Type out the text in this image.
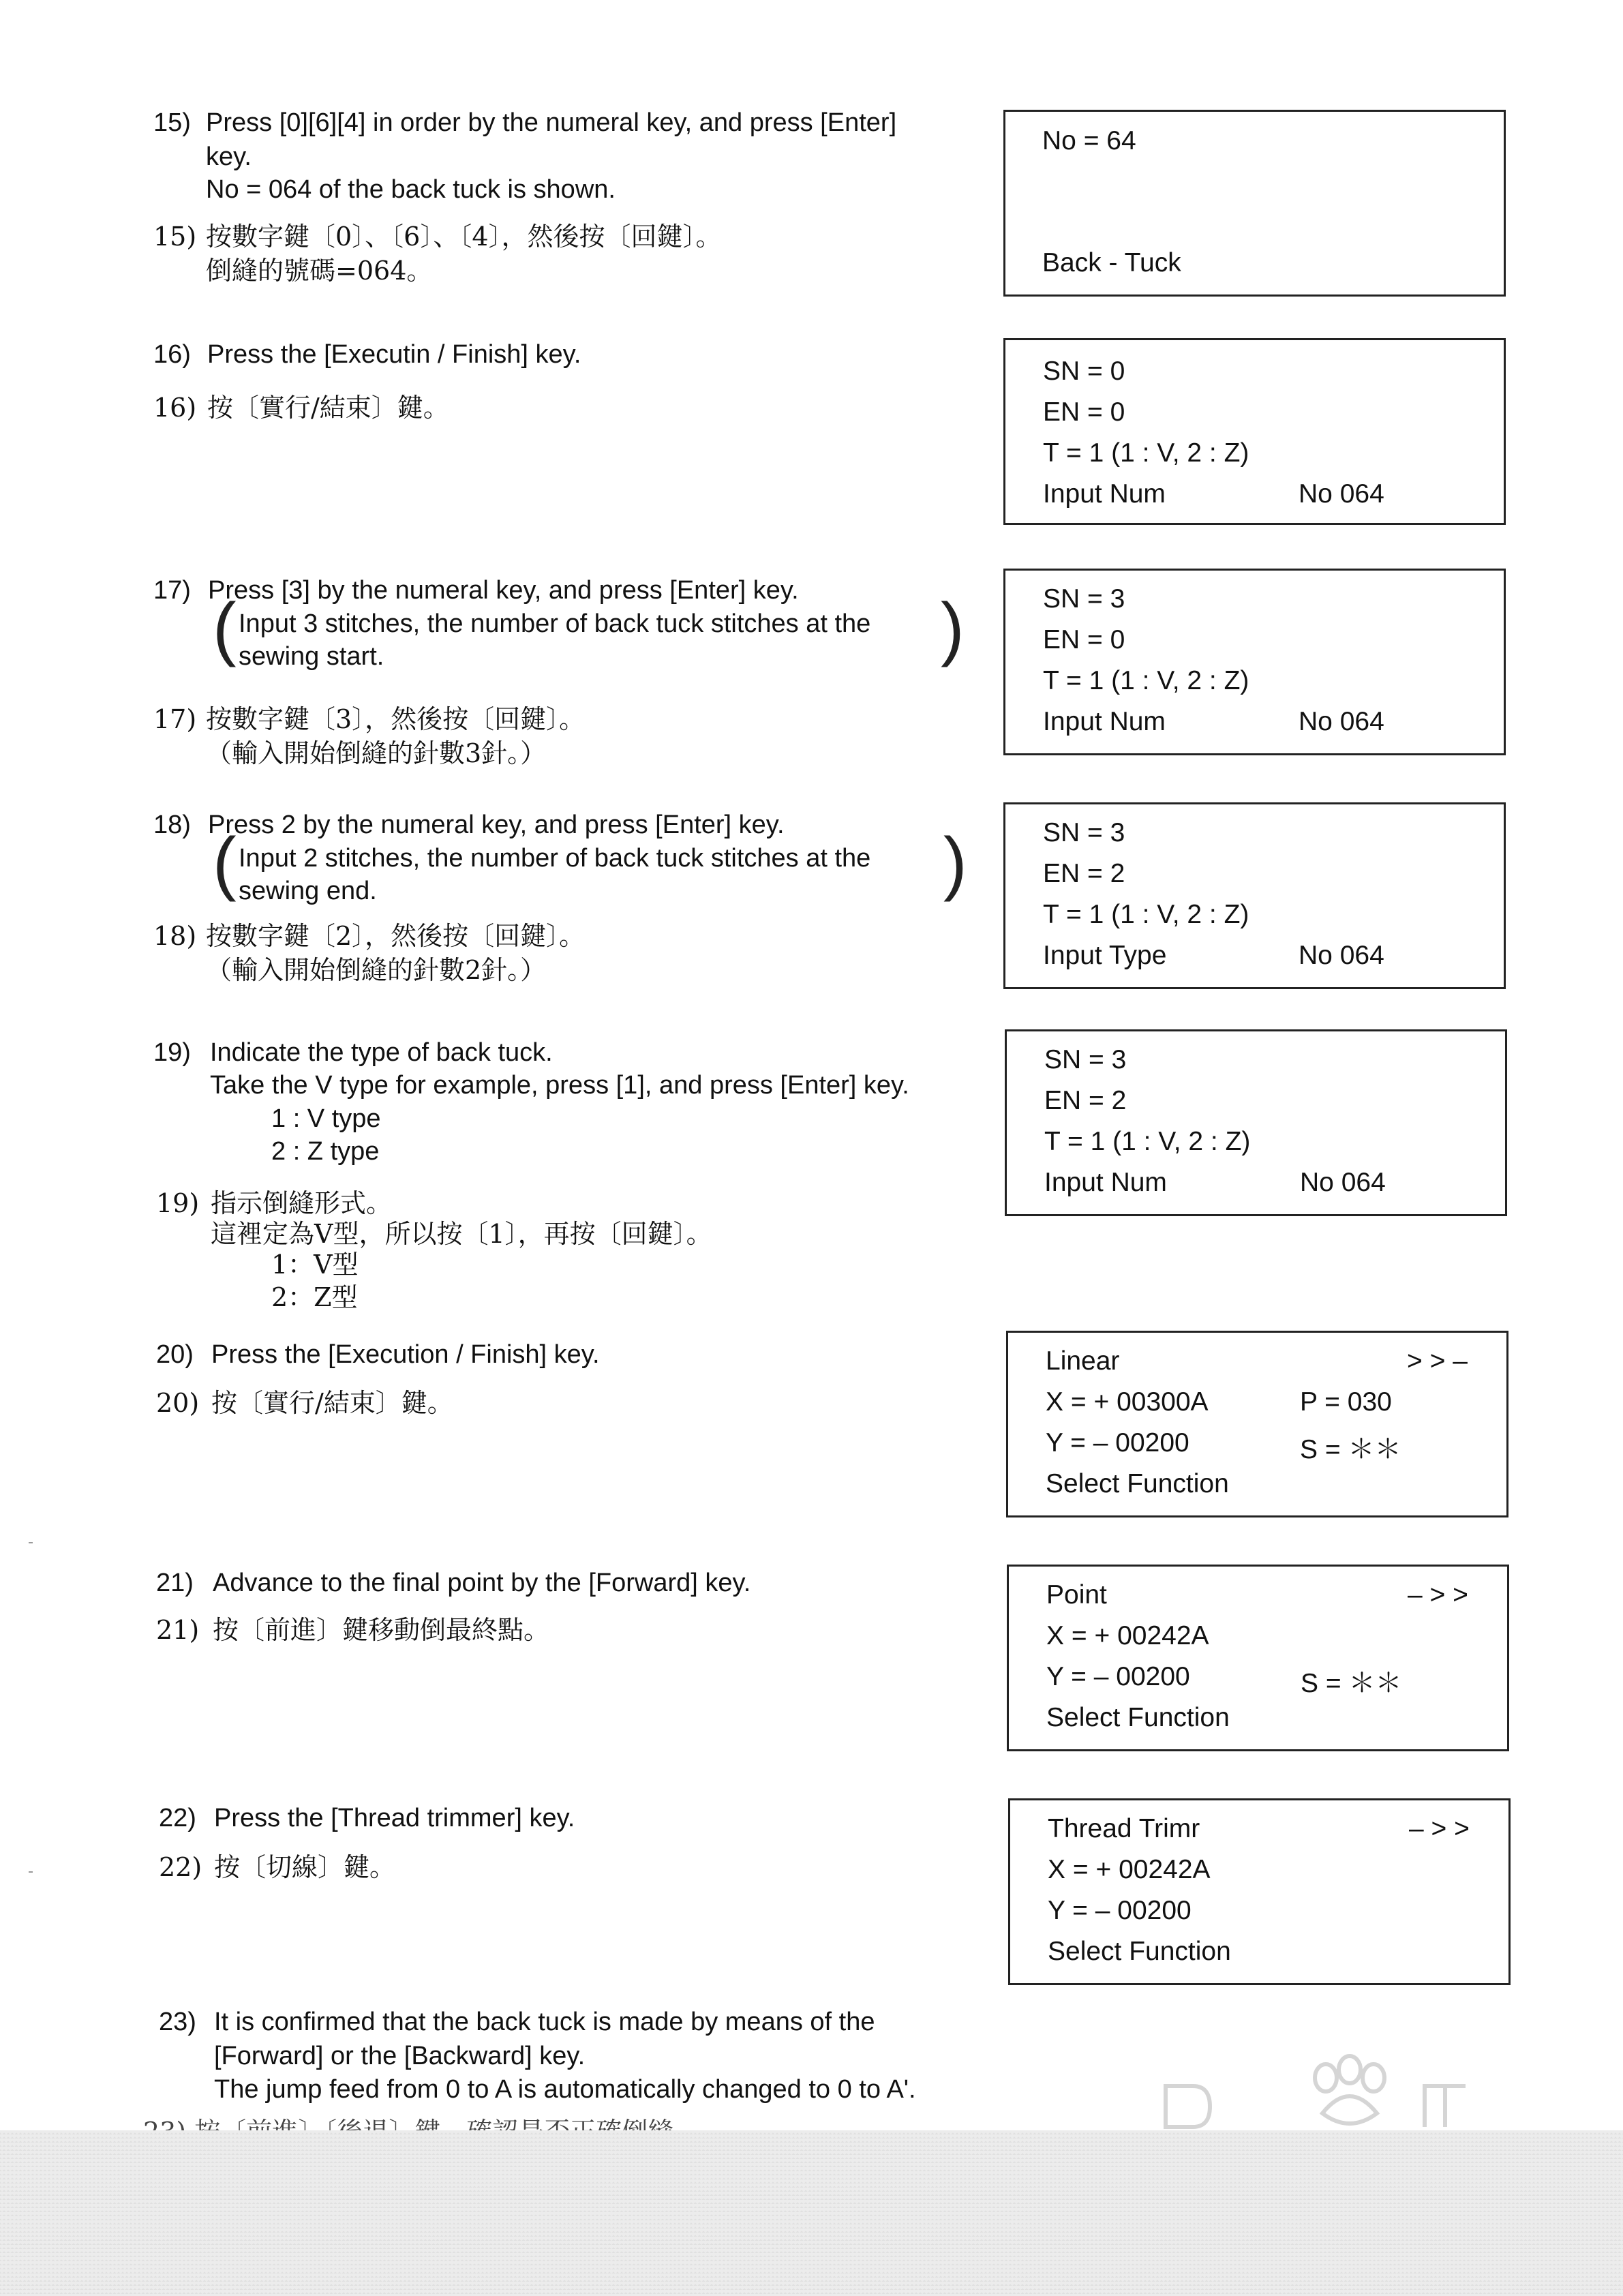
15) Press [0][6][4] in order by the numeral key, and press [Enter]
key.
No = 064 of the back tuck is shown.
15) 按數字鍵〔0〕、〔6〕、〔4〕，然後按〔回鍵〕。
倒縫的號碼=064。
16) Press the [Executin / Finish] key.
16) 按〔實行/結束〕鍵。
17) Press [3] by the numeral key, and press [Enter] key.
( Input 3 stitches, the number of back tuck stitches at the
sewing start.	)
17) 按數字鍵〔3〕，然後按〔回鍵〕。
（輸入開始倒縫的針數3針。）
18) Press 2 by the numeral key, and press [Enter] key.
( Input 2 stitches, the number of back tuck stitches at the
sewing end.	)
18) 按數字鍵〔2〕，然後按〔回鍵〕。
（輸入開始倒縫的針數2針。）
19) Indicate the type of back tuck.
Take the V type for example, press [1], and press [Enter] key.
1 : V type
2 : Z type
19) 指示倒縫形式。
這裡定為V型，所以按〔1〕，再按〔回鍵〕。
1：V型
2：Z型
20) Press the [Execution / Finish] key.
20) 按〔實行/結束〕鍵。
21) Advance to the final point by the [Forward] key.
21) 按〔前進〕鍵移動倒最終點。
22) Press the [Thread trimmer] key.
22) 按〔切線〕鍵。
23) It is confirmed that the back tuck is made by means of the
[Forward] or the [Backward] key.
The jump feed from 0 to A is automatically changed to 0 to A'.
No = 64
Back - Tuck
SN = 0
EN = 0
T = 1 (1 : V, 2 : Z)
Input Num	No 064
SN = 3
EN = 0
T = 1 (1 : V, 2 : Z)
Input Num	No 064
SN = 3
EN = 2
T = 1 (1 : V, 2 : Z)
Input Type	No 064
SN = 3
EN = 2
T = 1 (1 : V, 2 : Z)
Input Num	No 064
Linear	> > –
X = + 00300A	P = 030
Y = – 00200	S = ＊＊
Select Function
Point	– > >
X = + 00242A
Y = – 00200	S = ＊＊
Select Function
Thread Trimr	– > >
X = + 00242A
Y = – 00200
Select Function
